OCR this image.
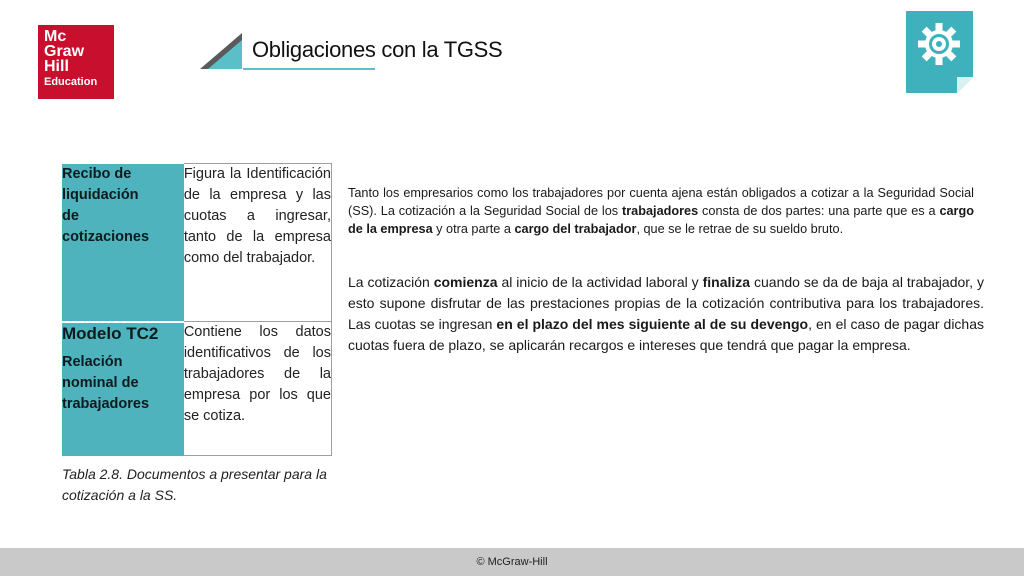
Mc
Graw
Hill
Education
Obligaciones con la TGSS
Recibo de
liquidación
de
cotizaciones	Figura la Identificación de la empresa y las cuotas a ingresar, tanto de la empresa como del trabajador.

Modelo TC2
Relación
nominal de
trabajadores	Contiene los datos identificativos de los trabajadores de la empresa por los que se cotiza.
Tabla 2.8. Documentos a presentar para la cotización a la SS.
Tanto los empresarios como los trabajadores por cuenta ajena están obligados a cotizar a la Seguridad Social (SS). La cotización a la Seguridad Social de los trabajadores consta de dos partes: una parte que es a cargo de la empresa y otra parte a cargo del trabajador, que se le retrae de su sueldo bruto.
La cotización comienza al inicio de la actividad laboral y finaliza cuando se da de baja al trabajador, y esto supone disfrutar de las prestaciones propias de la cotización contributiva para los trabajadores. Las cuotas se ingresan en el plazo del mes siguiente al de su devengo, en el caso de pagar dichas cuotas fuera de plazo, se aplicarán recargos e intereses que tendrá que pagar la empresa.
© McGraw-Hill
